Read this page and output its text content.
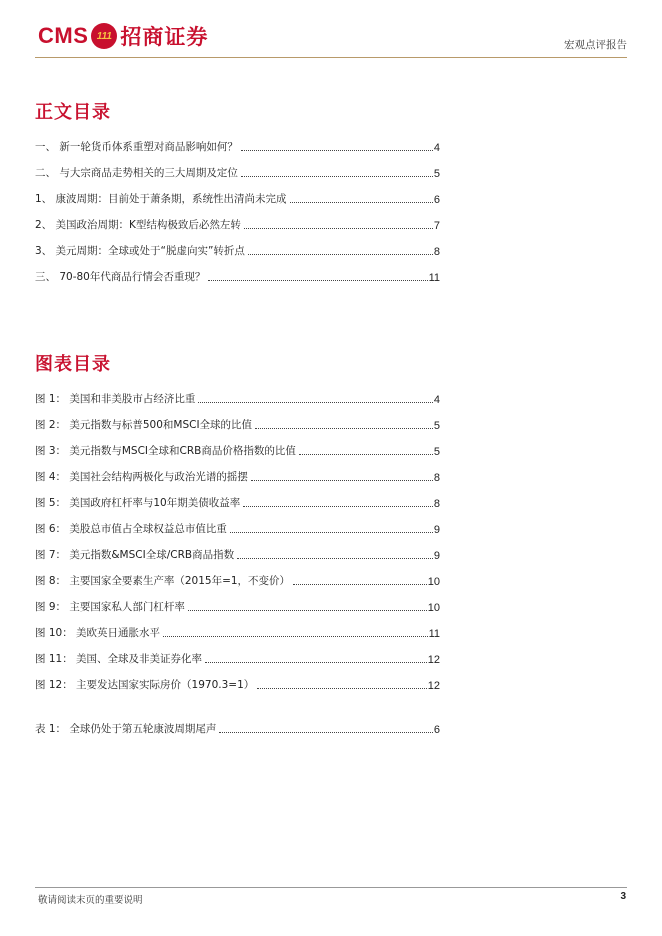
CMS 111 招商证券	宏观点评报告
正文目录
一、 新一轮货币体系重塑对商品影响如何？	4
二、 与大宗商品走势相关的三大周期及定位	5
1、 康波周期：目前处于萧条期，系统性出清尚未完成	6
2、 美国政治周期：K型结构极致后必然左转	7
3、 美元周期：全球或处于“脱虚向实”转折点	8
三、 70-80年代商品行情会否重现？	11
图表目录
图 1： 美国和非美股市占经济比重	4
图 2： 美元指数与标普500和MSCI全球的比值	5
图 3： 美元指数与MSCI全球和CRB商品价格指数的比值	5
图 4： 美国社会结构两极化与政治光谱的摇摆	8
图 5： 美国政府杠杆率与10年期美债收益率	8
图 6： 美股总市值占全球权益总市值比重	9
图 7： 美元指数&MSCI全球/CRB商品指数	9
图 8： 主要国家全要素生产率（2015年=1，不变价）	10
图 9： 主要国家私人部门杠杆率	10
图 10： 美欧英日通胀水平	11
图 11： 美国、全球及非美证券化率	12
图 12： 主要发达国家实际房价（1970.3=1）	12
表 1： 全球仍处于第五轮康波周期尾声	6
敬请阅读末页的重要说明	3
